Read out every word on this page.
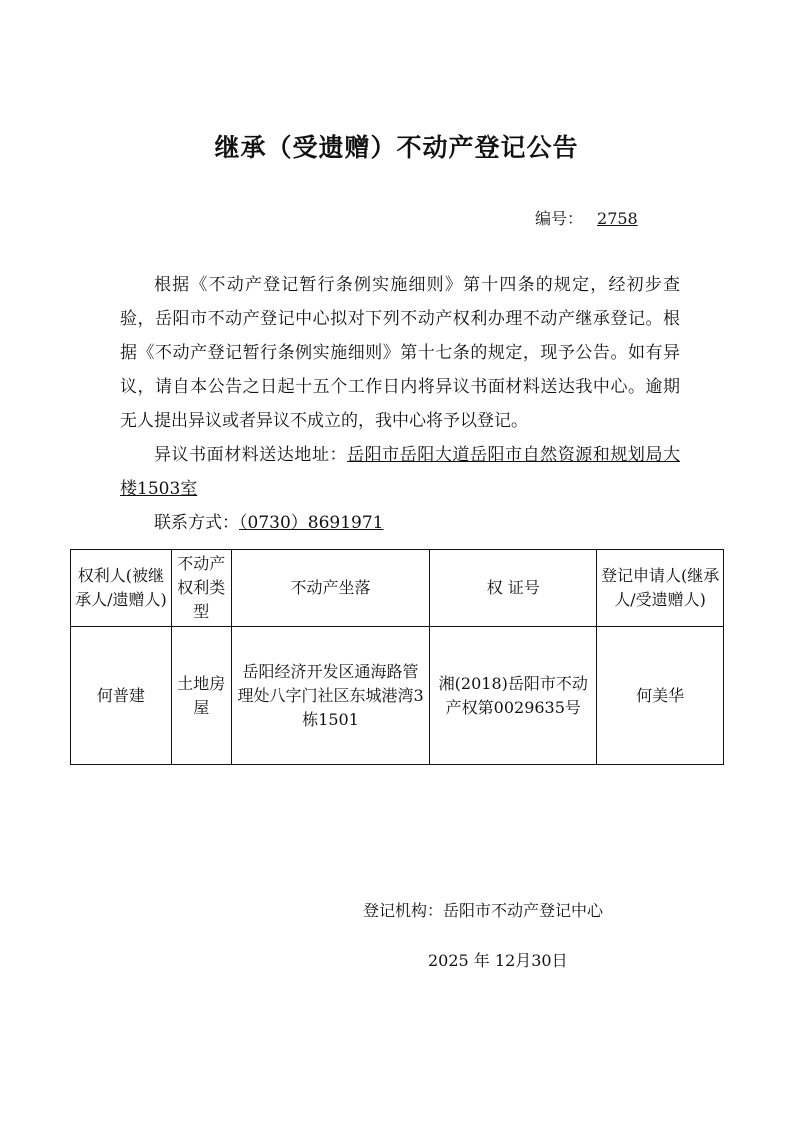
继承（受遗赠）不动产登记公告
编号： 2758

根据《不动产登记暂行条例实施细则》第十四条的规定，经初步查验，岳阳市不动产登记中心拟对下列不动产权利办理不动产继承登记。根据《不动产登记暂行条例实施细则》第十七条的规定，现予公告。如有异议，请自本公告之日起十五个工作日内将异议书面材料送达我中心。逾期无人提出异议或者异议不成立的，我中心将予以登记。

异议书面材料送达地址：岳阳市岳阳大道岳阳市自然资源和规划局大楼1503室

联系方式：（0730）8691971

权利人(被继承人/遗赠人)	不动产权利类型	不动产坐落	权 证号	登记申请人(继承人/受遗赠人)
何普建	土地房屋	岳阳经济开发区通海路管理处八字门社区东城港湾3栋1501	湘(2018)岳阳市不动产权第0029635号	何美华
登记机构：岳阳市不动产登记中心
2025 年 12月30日
